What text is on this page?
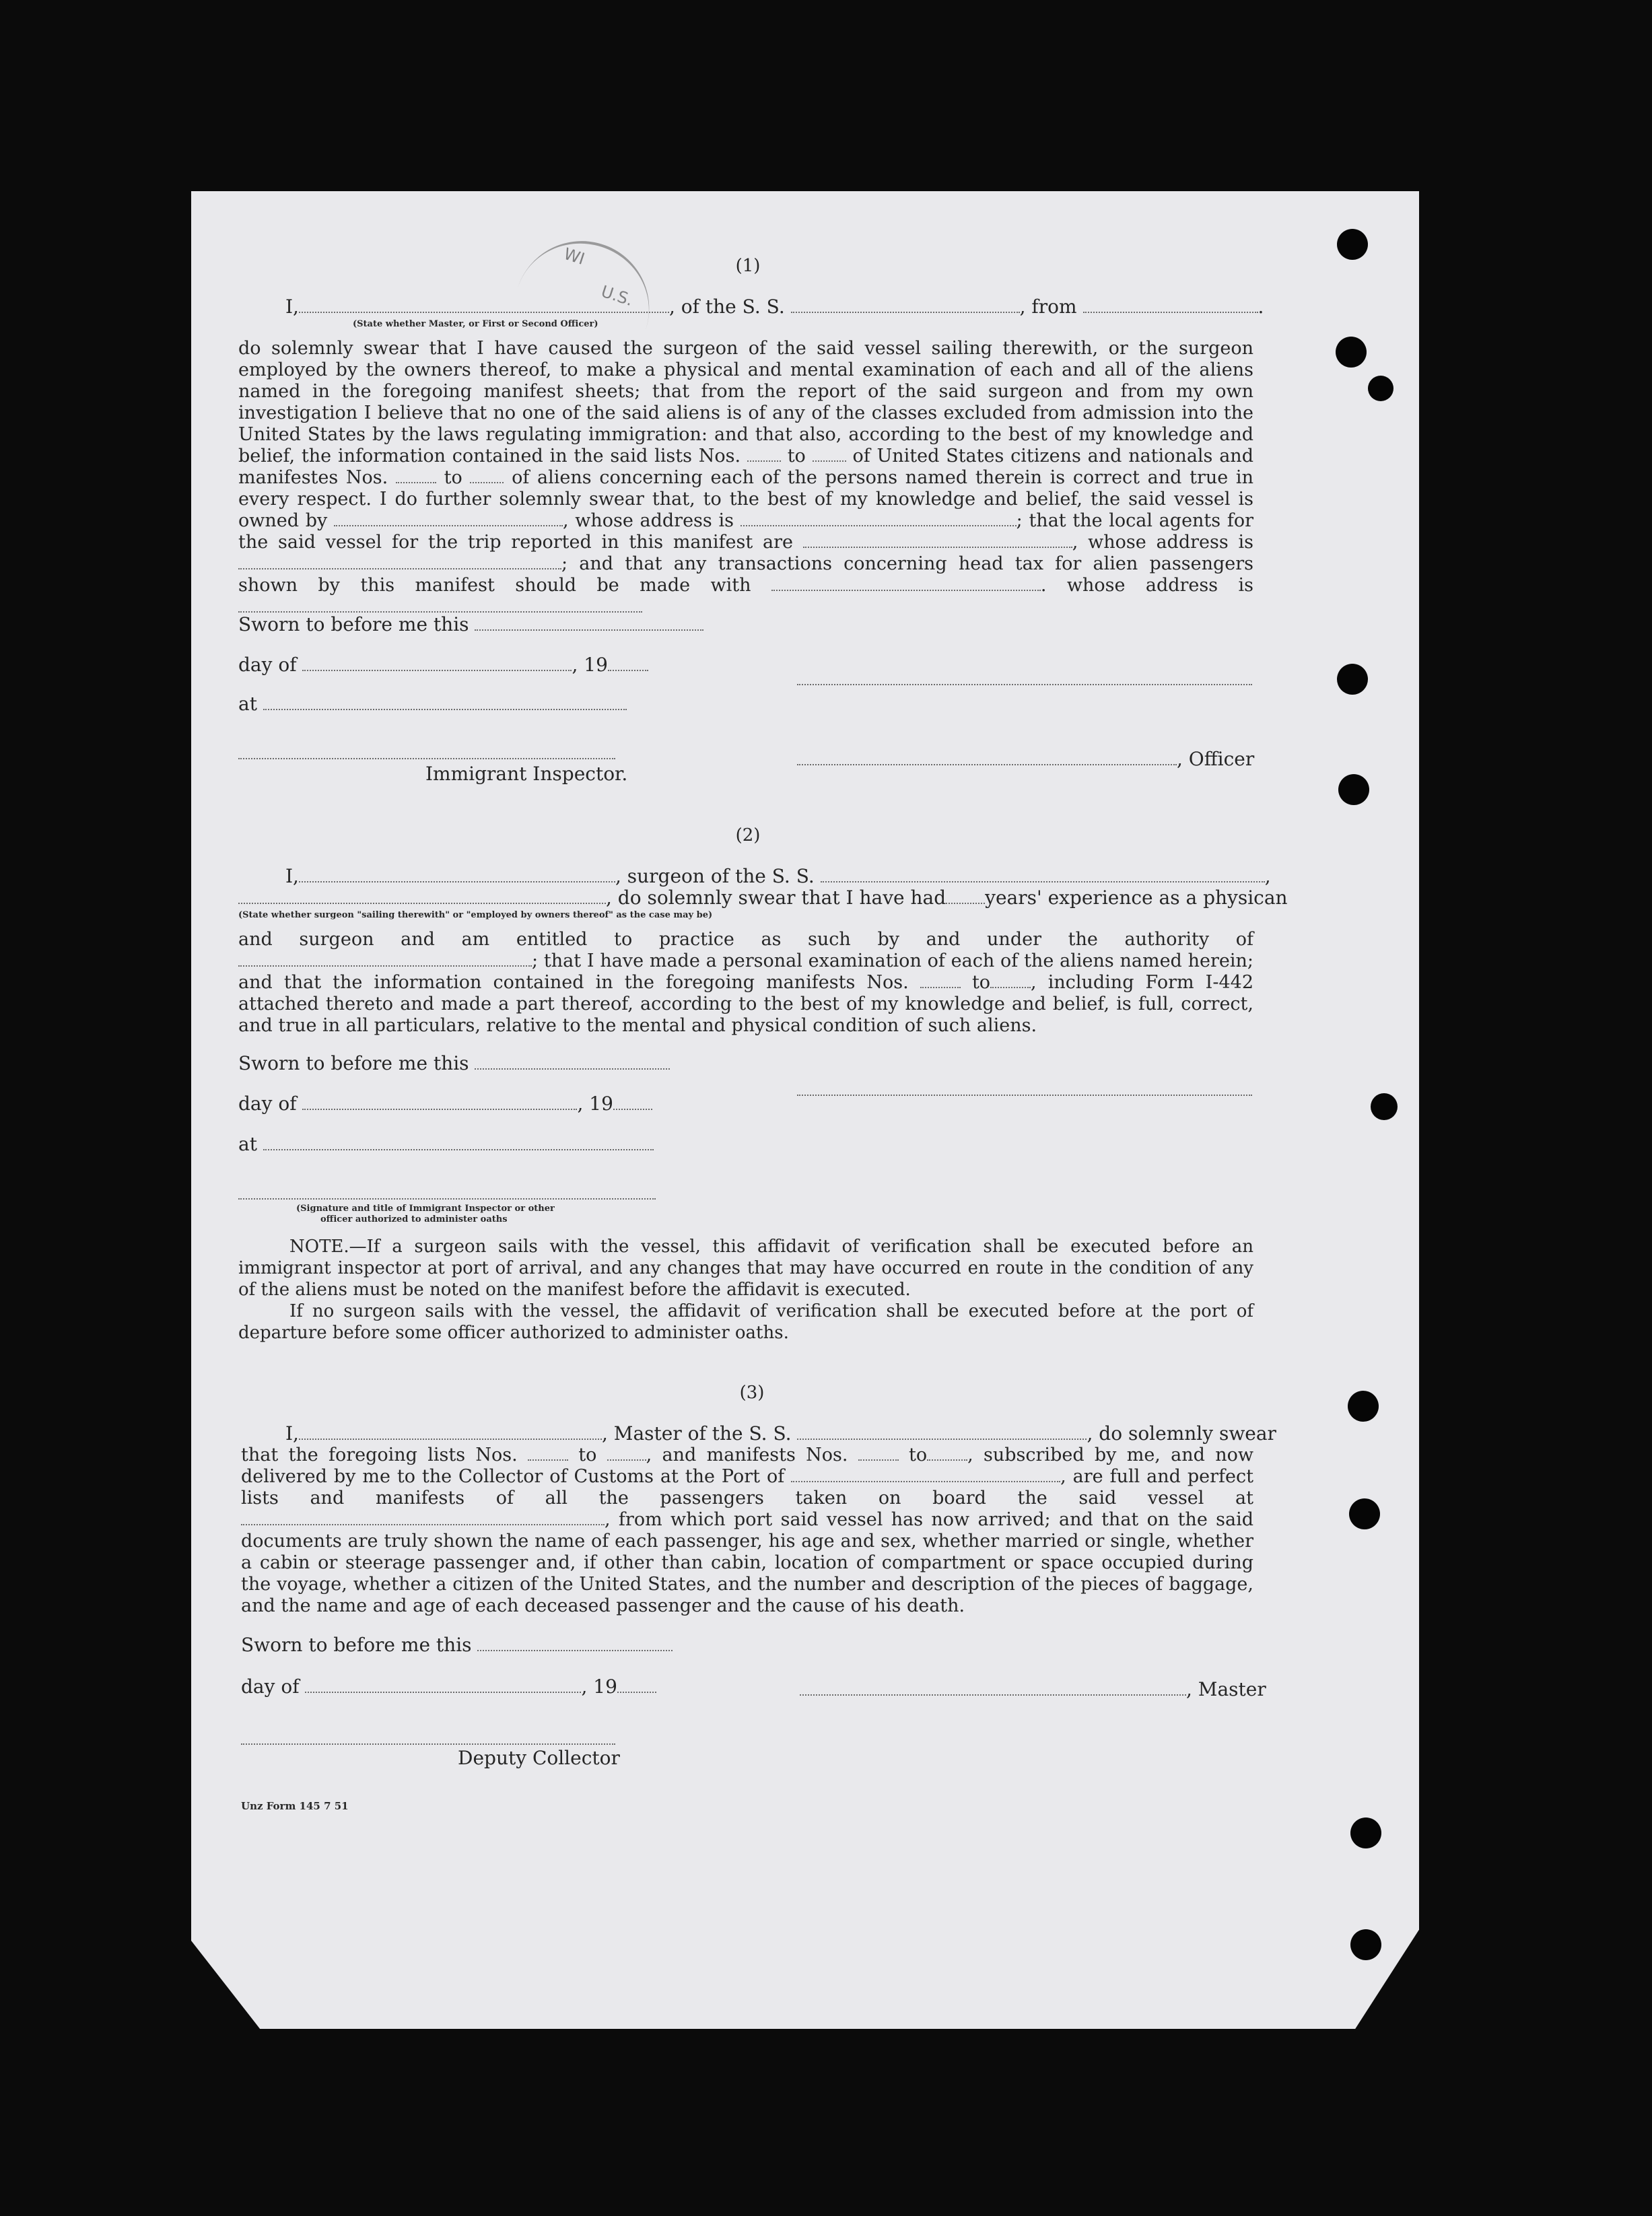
WI
U.S.
(1)
I,	, of the S. S.	, from	.
(State whether Master, or First or Second Officer)

do solemnly swear that I have caused the surgeon of the said vessel sailing therewith, or the surgeon employed by the owners thereof, to make a physical and mental examination of each and all of the aliens named in the foregoing manifest sheets; that from the report of the said surgeon and from my own investigation I believe that no one of the said aliens is of any of the classes excluded from admission into the United States by the laws regulating immigration: and that also, according to the best of my knowledge and belief, the information contained in the said lists Nos.	to	of United States citizens and nationals and manifestes Nos.	to	of aliens concerning each of the persons named therein is correct and true in every respect. I do further solemnly swear that, to the best of my knowledge and belief, the said vessel is owned by	, whose address is	; that the local agents for the said vessel for the trip reported in this manifest are	, whose address is ; and that any transactions concerning head tax for alien passengers shown by this manifest should be made with	. whose address is

Sworn to before me this
day of	, 19
at
Immigrant Inspector.
, Officer
(2)
I,	, surgeon of the S. S.	,
, do solemnly swear that I have had years' experience as a physican
(State whether surgeon "sailing therewith" or "employed by owners thereof" as the case may be)

and surgeon and am entitled to practice as such by and under the authority of ; that I have made a personal examination of each of the aliens named herein; and that the information contained in the foregoing manifests Nos.	to , including Form I-442 attached thereto and made a part thereof, according to the best of my knowledge and belief, is full, correct, and true in all particulars, relative to the mental and physical condition of such aliens.

Sworn to before me this
day of	, 19
at
(Signature and title of Immigrant Inspector or other
officer authorized to administer oaths

NOTE.—If a surgeon sails with the vessel, this affidavit of verification shall be executed before an immigrant inspector at port of arrival, and any changes that may have occurred en route in the condition of any of the aliens must be noted on the manifest before the affidavit is executed.

If no surgeon sails with the vessel, the affidavit of verification shall be executed before at the port of departure before some officer authorized to administer oaths.

(3)
I,	, Master of the S. S.	, do solemnly swear

that the foregoing lists Nos.	to	, and manifests Nos.	to , subscribed by me, and now delivered by me to the Collector of Customs at the Port of	, are full and perfect lists and manifests of all the passengers taken on board the said vessel at , from which port said vessel has now arrived; and that on the said documents are truly shown the name of each passenger, his age and sex, whether married or single, whether a cabin or steerage passenger and, if other than cabin, location of compartment or space occupied during the voyage, whether a citizen of the United States, and the number and description of the pieces of baggage, and the name and age of each deceased passenger and the cause of his death.

Sworn to before me this
day of	, 19	, Master
Deputy Collector
Unz Form 145 7 51
